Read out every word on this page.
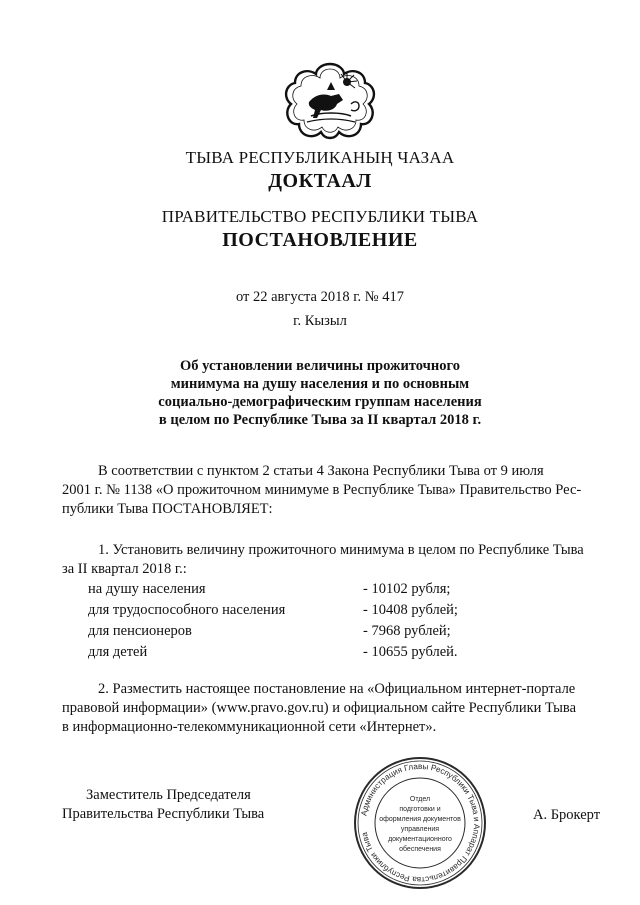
ТЫВА РЕСПУБЛИКАНЫҢ ЧАЗАА
ДОКТААЛ
ПРАВИТЕЛЬСТВО РЕСПУБЛИКИ ТЫВА
ПОСТАНОВЛЕНИЕ
от 22 августа 2018 г. № 417
г. Кызыл
Об установлении величины прожиточного
минимума на душу населения и по основным
социально-демографическим группам населения
в целом по Республике Тыва за II квартал 2018 г.
В соответствии с пунктом 2 статьи 4 Закона Республики Тыва от 9 июля
2001 г. № 1138 «О прожиточном минимуме в Республике Тыва» Правительство Рес-
публики Тыва ПОСТАНОВЛЯЕТ:
1. Установить величину прожиточного минимума в целом по Республике Тыва
за II квартал 2018 г.:
на душу населения	- 10102 рубля;
для трудоспособного населения	- 10408 рублей;
для пенсионеров	- 7968 рублей;
для детей	- 10655 рублей.
2. Разместить настоящее постановление на «Официальном интернет-портале
правовой информации» (www.pravo.gov.ru) и официальном сайте Республики Тыва
в информационно-телекоммуникационной сети «Интернет».
Заместитель Председателя
Правительства Республики Тыва	Администрация Главы Республики Тыва и Аппарат Правительства Республики Тыва
Отдел
подготовки и
оформления документов
управления
документационного
обеспечения
А. Брокерт
